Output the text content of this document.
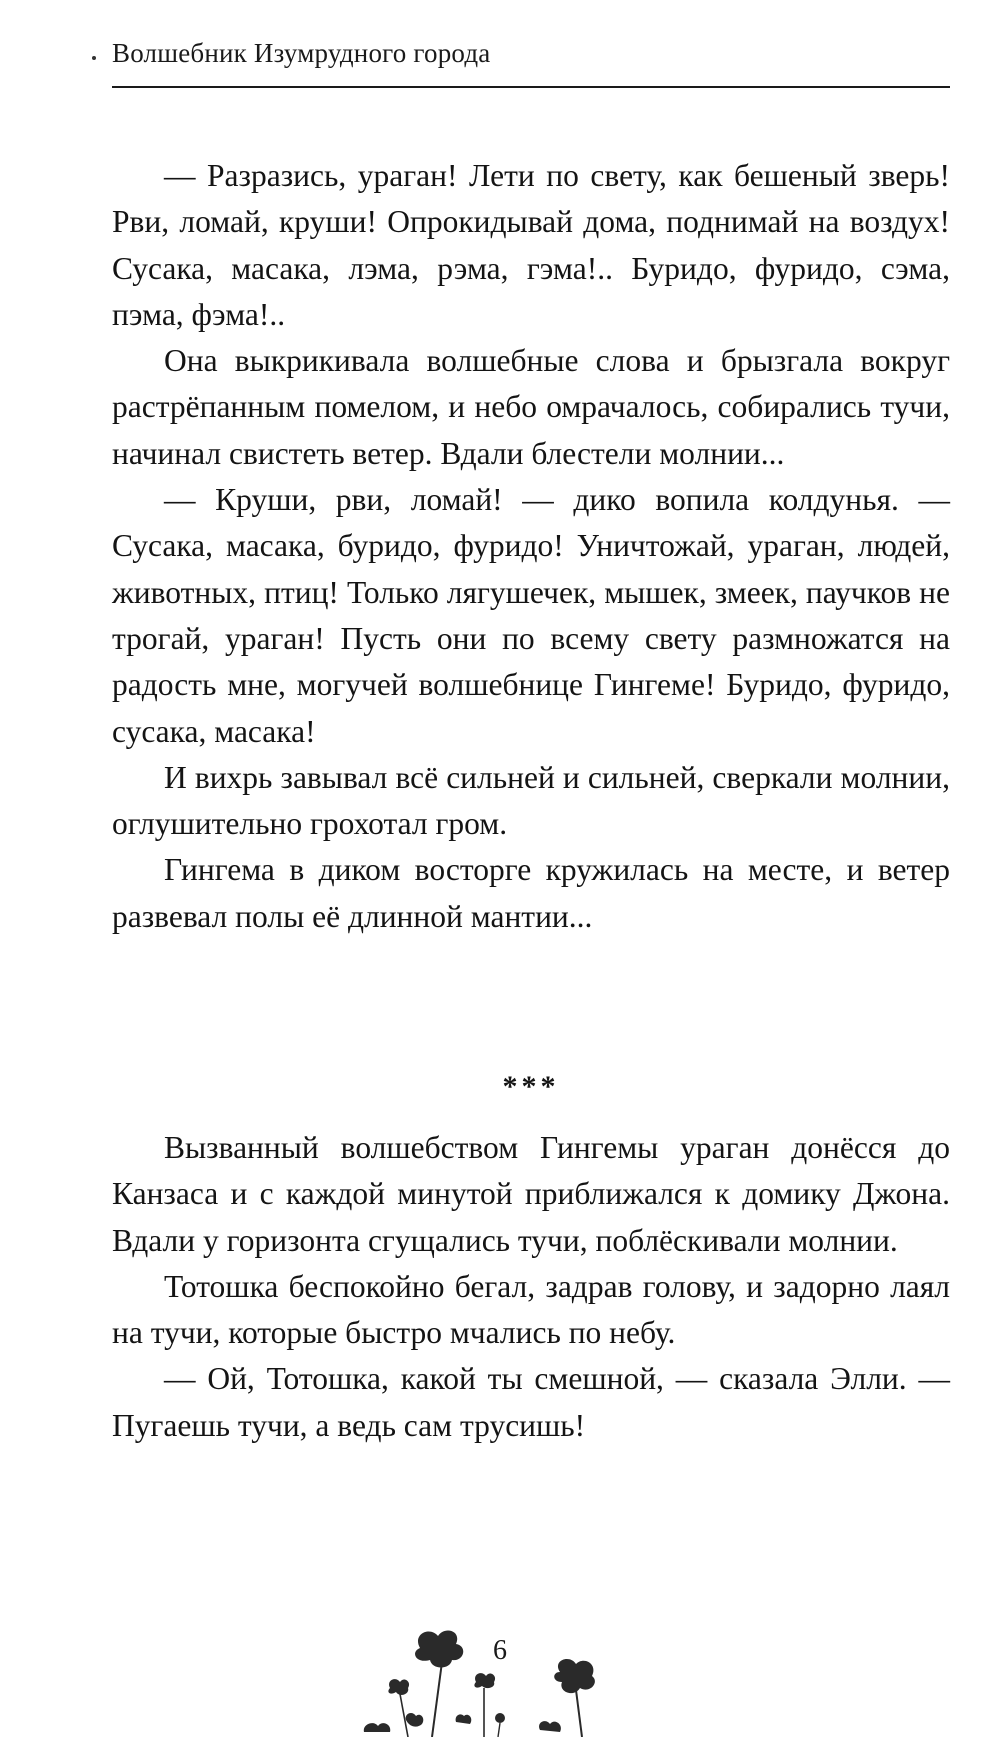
Волшебник Изумрудного города

— Разразись, ураган! Лети по свету, как бешеный зверь! Рви, ломай, круши! Опрокидывай дома, поднимай на воздух! Сусака, масака, лэма, рэма, гэма!.. Буридо, фуридо, сэма, пэма, фэма!..

Она выкрикивала волшебные слова и брызгала вокруг растрёпанным помелом, и небо омрачалось, собирались тучи, начинал свистеть ветер. Вдали блестели молнии...

— Круши, рви, ломай! — дико вопила колдунья. — Сусака, масака, буридо, фуридо! Уничтожай, ураган, людей, животных, птиц! Только лягушечек, мышек, змеек, паучков не трогай, ураган! Пусть они по всему свету размножатся на радость мне, могучей волшебнице Гингеме! Буридо, фуридо, сусака, масака!

И вихрь завывал всё сильней и сильней, сверкали молнии, оглушительно грохотал гром.

Гингема в диком восторге кружилась на месте, и ветер развевал полы её длинной мантии...

***

Вызванный волшебством Гингемы ураган донёсся до Канзаса и с каждой минутой приближался к домику Джона. Вдали у горизонта сгущались тучи, поблёскивали молнии.

Тотошка беспокойно бегал, задрав голову, и задорно лаял на тучи, которые быстро мчались по небу.

— Ой, Тотошка, какой ты смешной, — сказала Элли. — Пугаешь тучи, а ведь сам трусишь!

6
